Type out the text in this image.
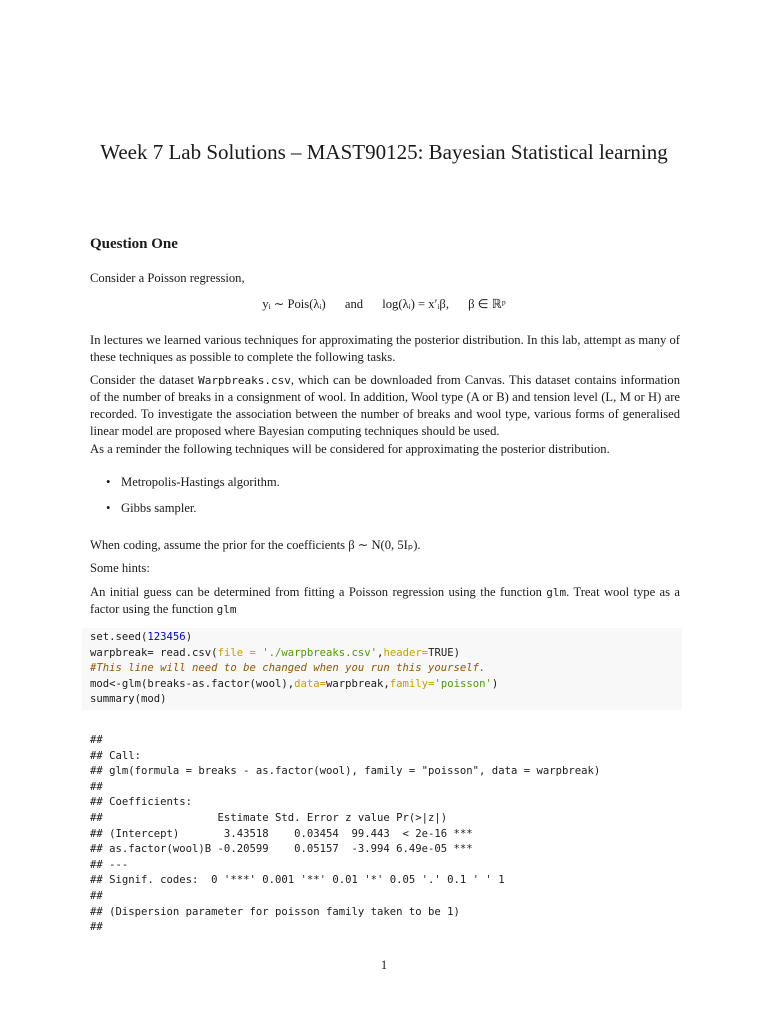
Week 7 Lab Solutions – MAST90125: Bayesian Statistical learning
Question One
Consider a Poisson regression,
yᵢ ∼ Pois(λᵢ) and log(λᵢ) = x′ᵢβ, β ∈ ℝᵖ
In lectures we learned various techniques for approximating the posterior distribution. In this lab, attempt as many of these techniques as possible to complete the following tasks.
Consider the dataset Warpbreaks.csv, which can be downloaded from Canvas. This dataset contains information of the number of breaks in a consignment of wool. In addition, Wool type (A or B) and tension level (L, M or H) are recorded. To investigate the association between the number of breaks and wool type, various forms of generalised linear model are proposed where Bayesian computing techniques should be used.
As a reminder the following techniques will be considered for approximating the posterior distribution.
• Metropolis-Hastings algorithm.
• Gibbs sampler.
When coding, assume the prior for the coefficients β ∼ N(0, 5Iₚ).
Some hints:
An initial guess can be determined from fitting a Poisson regression using the function glm. Treat wool type as a factor using the function glm
set.seed(123456)
warpbreak= read.csv(file = './warpbreaks.csv',header=TRUE)
#This line will need to be changed when you run this yourself.
mod<-glm(breaks-as.factor(wool),data=warpbreak,family='poisson')
summary(mod)
##
## Call:
## glm(formula = breaks - as.factor(wool), family = "poisson", data = warpbreak)
##
## Coefficients:
##                  Estimate Std. Error z value Pr(>|z|)
## (Intercept)       3.43518    0.03454  99.443  < 2e-16 ***
## as.factor(wool)B -0.20599    0.05157  -3.994 6.49e-05 ***
## ---
## Signif. codes:  0 '***' 0.001 '**' 0.01 '*' 0.05 '.' 0.1 ' ' 1
##
## (Dispersion parameter for poisson family taken to be 1)
##
1
